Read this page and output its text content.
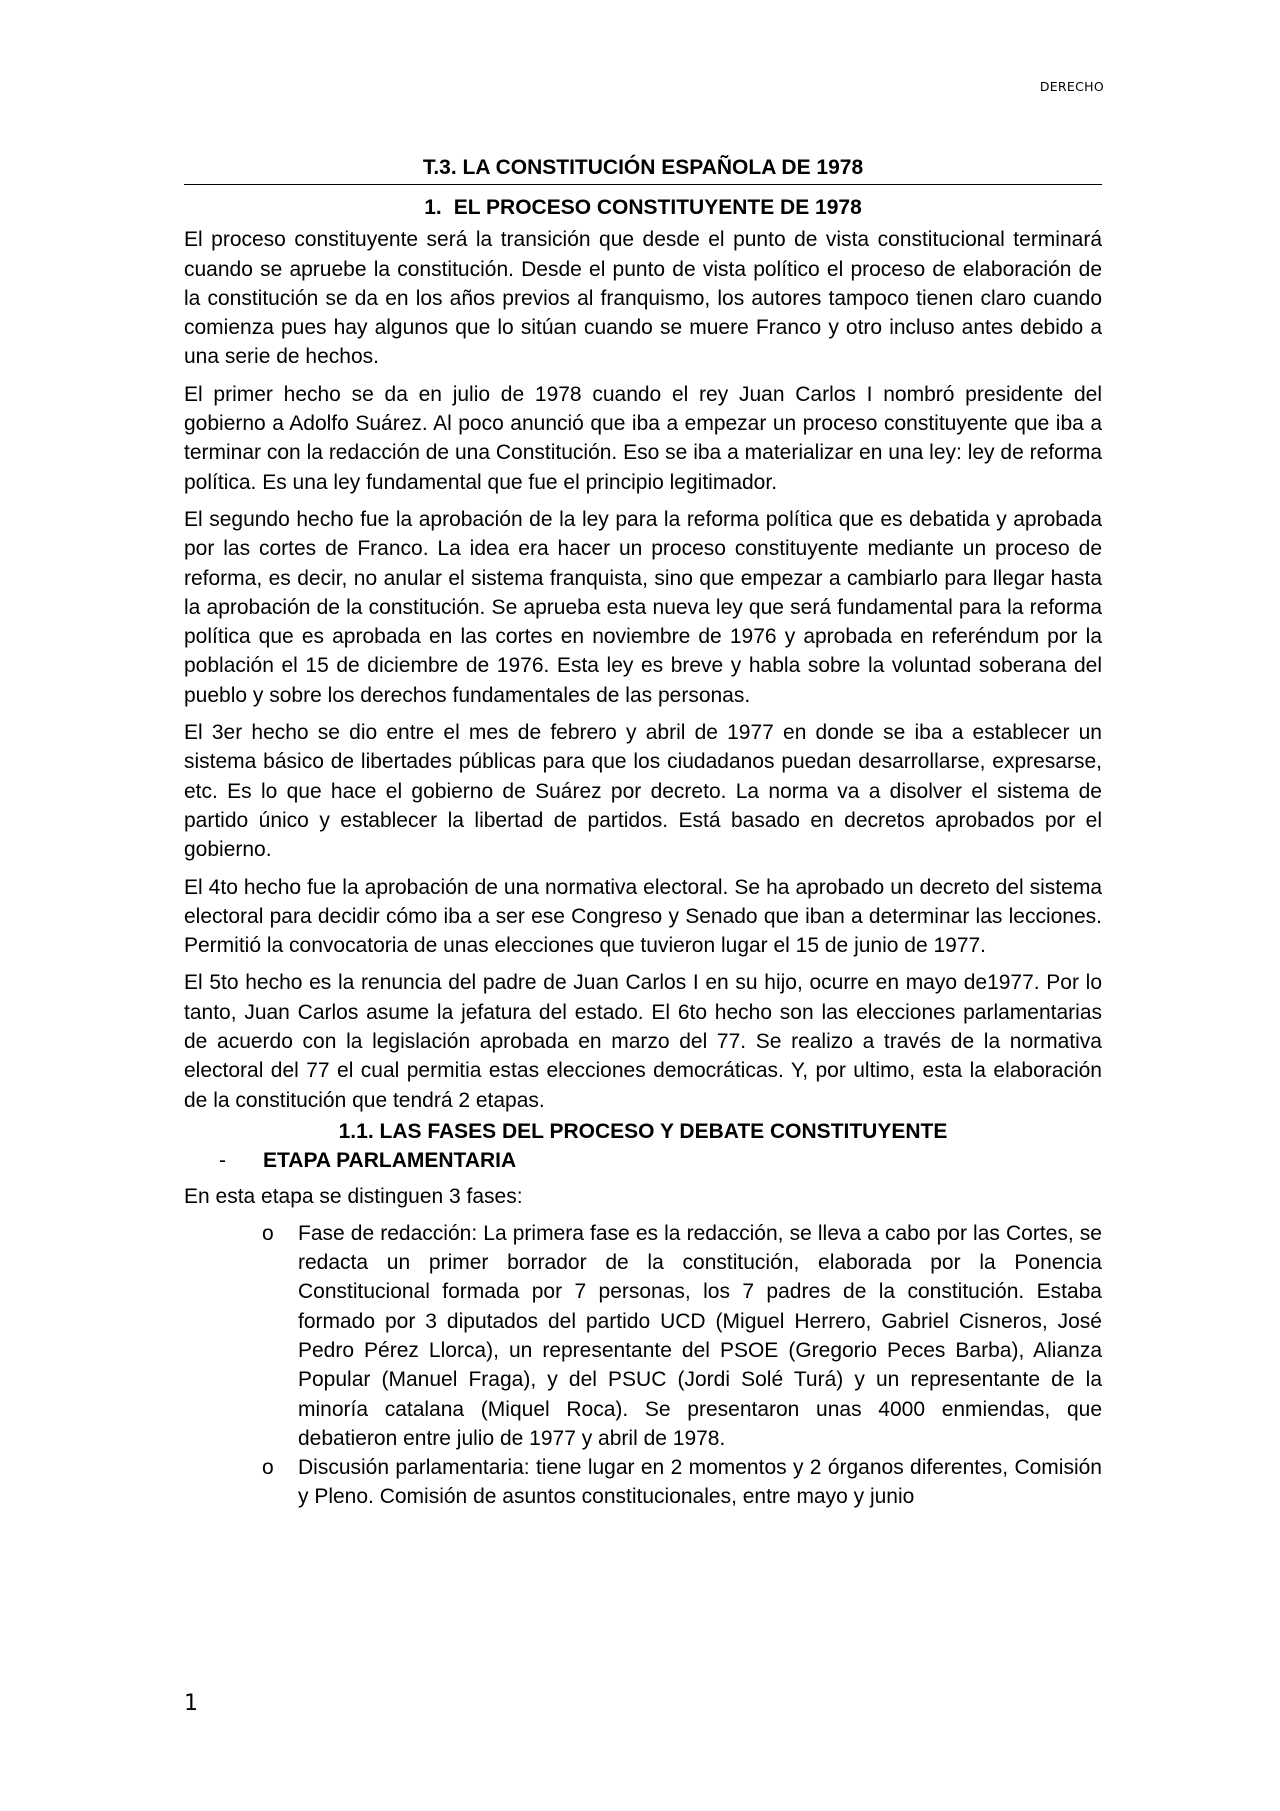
DERECHO
T.3. LA CONSTITUCIÓN ESPAÑOLA DE 1978
1. EL PROCESO CONSTITUYENTE DE 1978

El proceso constituyente será la transición que desde el punto de vista constitucional terminará cuando se apruebe la constitución. Desde el punto de vista político el proceso de elaboración de la constitución se da en los años previos al franquismo, los autores tampoco tienen claro cuando comienza pues hay algunos que lo sitúan cuando se muere Franco y otro incluso antes debido a una serie de hechos.

El primer hecho se da en julio de 1978 cuando el rey Juan Carlos I nombró presidente del gobierno a Adolfo Suárez. Al poco anunció que iba a empezar un proceso constituyente que iba a terminar con la redacción de una Constitución. Eso se iba a materializar en una ley: ley de reforma política. Es una ley fundamental que fue el principio legitimador.

El segundo hecho fue la aprobación de la ley para la reforma política que es debatida y aprobada por las cortes de Franco. La idea era hacer un proceso constituyente mediante un proceso de reforma, es decir, no anular el sistema franquista, sino que empezar a cambiarlo para llegar hasta la aprobación de la constitución. Se aprueba esta nueva ley que será fundamental para la reforma política que es aprobada en las cortes en noviembre de 1976 y aprobada en referéndum por la población el 15 de diciembre de 1976. Esta ley es breve y habla sobre la voluntad soberana del pueblo y sobre los derechos fundamentales de las personas.

El 3er hecho se dio entre el mes de febrero y abril de 1977 en donde se iba a establecer un sistema básico de libertades públicas para que los ciudadanos puedan desarrollarse, expresarse, etc. Es lo que hace el gobierno de Suárez por decreto. La norma va a disolver el sistema de partido único y establecer la libertad de partidos. Está basado en decretos aprobados por el gobierno.

El 4to hecho fue la aprobación de una normativa electoral. Se ha aprobado un decreto del sistema electoral para decidir cómo iba a ser ese Congreso y Senado que iban a determinar las lecciones. Permitió la convocatoria de unas elecciones que tuvieron lugar el 15 de junio de 1977.

El 5to hecho es la renuncia del padre de Juan Carlos I en su hijo, ocurre en mayo de1977. Por lo tanto, Juan Carlos asume la jefatura del estado. El 6to hecho son las elecciones parlamentarias de acuerdo con la legislación aprobada en marzo del 77. Se realizo a través de la normativa electoral del 77 el cual permitia estas elecciones democráticas. Y, por ultimo, esta la elaboración de la constitución que tendrá 2 etapas.

1.1. LAS FASES DEL PROCESO Y DEBATE CONSTITUYENTE
-	ETAPA PARLAMENTARIA
En esta etapa se distinguen 3 fases:
o	Fase de redacción: La primera fase es la redacción, se lleva a cabo por las Cortes, se redacta un primer borrador de la constitución, elaborada por la Ponencia Constitucional formada por 7 personas, los 7 padres de la constitución. Estaba formado por 3 diputados del partido UCD (Miguel Herrero, Gabriel Cisneros, José Pedro Pérez Llorca), un representante del PSOE (Gregorio Peces Barba), Alianza Popular (Manuel Fraga), y del PSUC (Jordi Solé Turá) y un representante de la minoría catalana (Miquel Roca). Se presentaron unas 4000 enmiendas, que debatieron entre julio de 1977 y abril de 1978.
o	Discusión parlamentaria: tiene lugar en 2 momentos y 2 órganos diferentes, Comisión y Pleno. Comisión de asuntos constitucionales, entre mayo y junio
1
